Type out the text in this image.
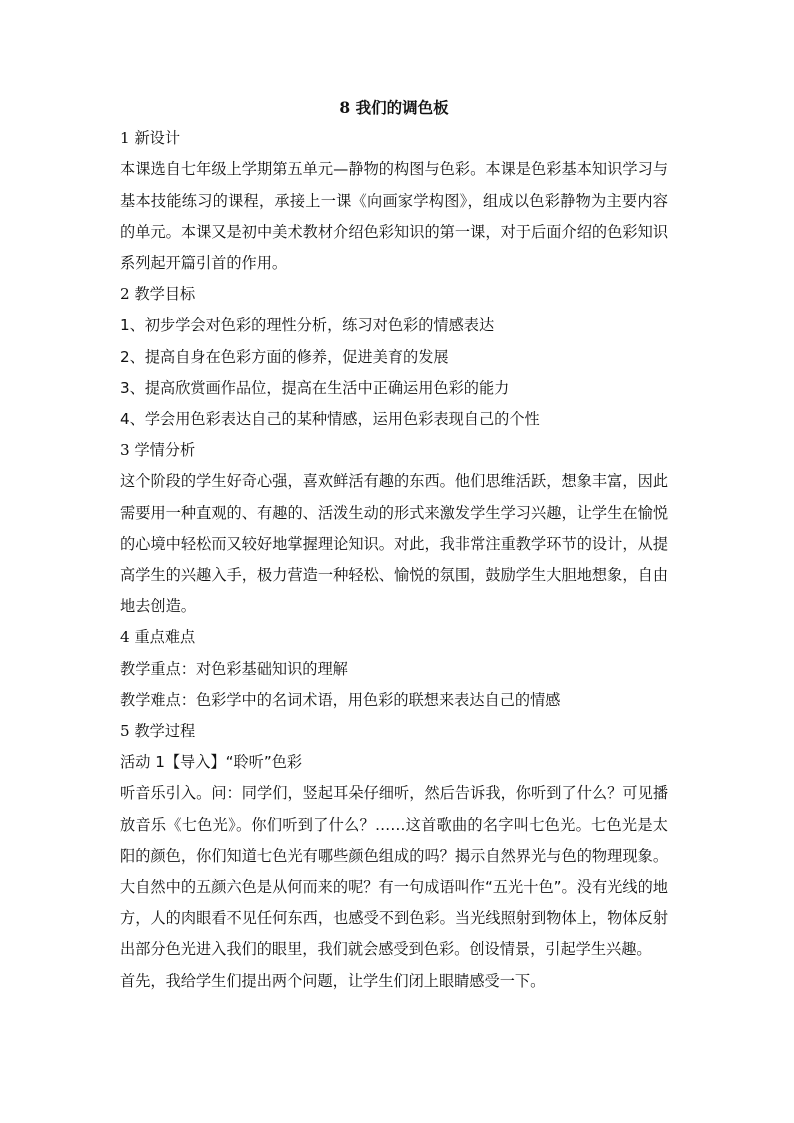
8 我们的调色板

1 新设计

本课选自七年级上学期第五单元—静物的构图与色彩。本课是色彩基本知识学习与基本技能练习的课程，承接上一课《向画家学构图》，组成以色彩静物为主要内容的单元。本课又是初中美术教材介绍色彩知识的第一课，对于后面介绍的色彩知识系列起开篇引首的作用。

2 教学目标

1、初步学会对色彩的理性分析，练习对色彩的情感表达

2、提高自身在色彩方面的修养，促进美育的发展

3、提高欣赏画作品位，提高在生活中正确运用色彩的能力

4、学会用色彩表达自己的某种情感，运用色彩表现自己的个性

3 学情分析

这个阶段的学生好奇心强，喜欢鲜活有趣的东西。他们思维活跃，想象丰富，因此需要用一种直观的、有趣的、活泼生动的形式来激发学生学习兴趣，让学生在愉悦的心境中轻松而又较好地掌握理论知识。对此，我非常注重教学环节的设计，从提高学生的兴趣入手，极力营造一种轻松、愉悦的氛围，鼓励学生大胆地想象，自由地去创造。

4 重点难点

教学重点：对色彩基础知识的理解

教学难点：色彩学中的名词术语，用色彩的联想来表达自己的情感

5 教学过程

活动 1【导入】“聆听”色彩

听音乐引入。问：同学们，竖起耳朵仔细听，然后告诉我，你听到了什么？可见播放音乐《七色光》。你们听到了什么？……这首歌曲的名字叫七色光。七色光是太阳的颜色，你们知道七色光有哪些颜色组成的吗？揭示自然界光与色的物理现象。大自然中的五颜六色是从何而来的呢？有一句成语叫作“五光十色”。没有光线的地方，人的肉眼看不见任何东西，也感受不到色彩。当光线照射到物体上，物体反射出部分色光进入我们的眼里，我们就会感受到色彩。创设情景，引起学生兴趣。

首先，我给学生们提出两个问题，让学生们闭上眼睛感受一下。
